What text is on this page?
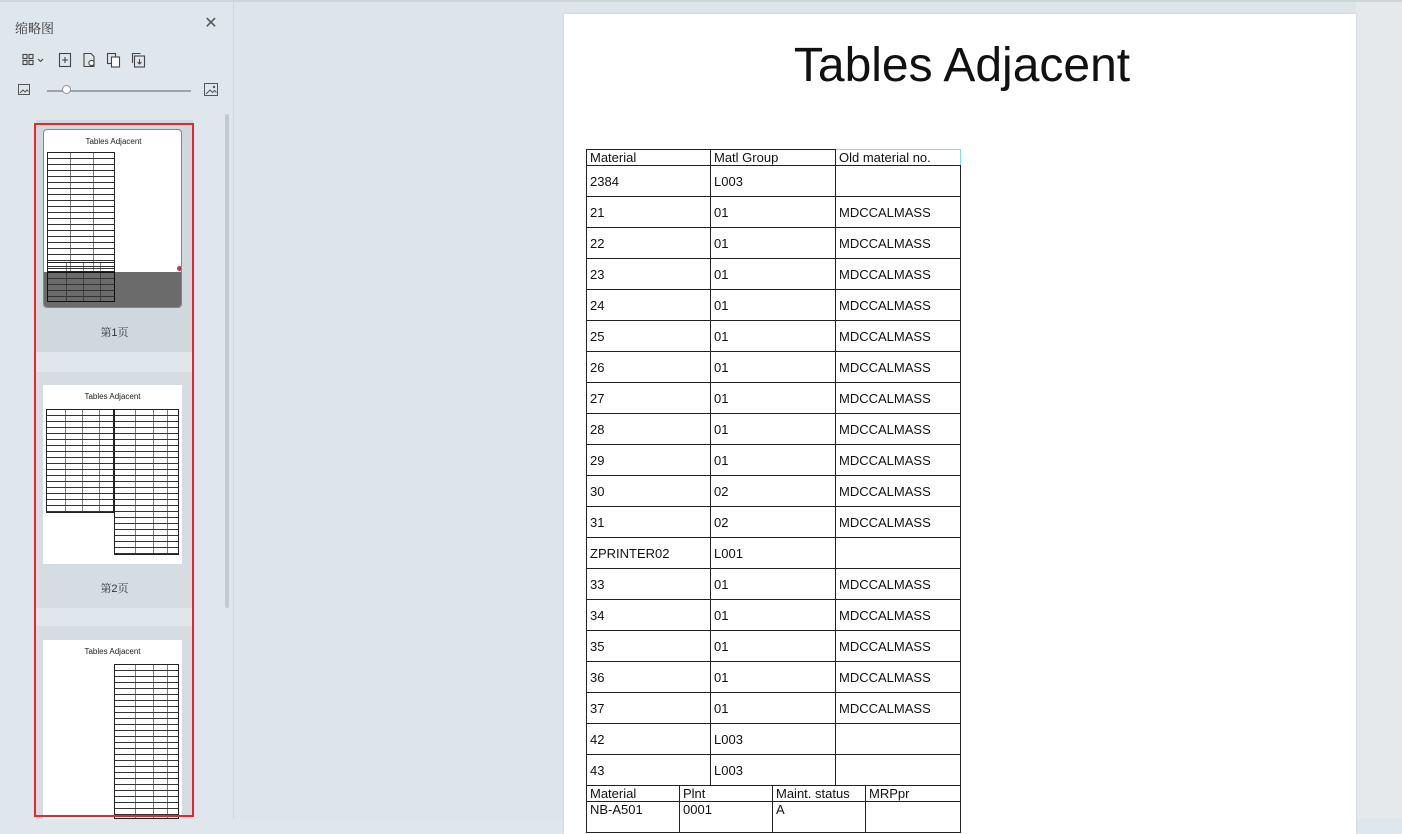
缩略图	✕
Tables Adjacent
第1页
Tables Adjacent
第2页
Tables Adjacent
Tables Adjacent
Material	Matl Group	Old material no.
2384	L003	
21	01	MDCCALMASS
22	01	MDCCALMASS
23	01	MDCCALMASS
24	01	MDCCALMASS
25	01	MDCCALMASS
26	01	MDCCALMASS
27	01	MDCCALMASS
28	01	MDCCALMASS
29	01	MDCCALMASS
30	02	MDCCALMASS
31	02	MDCCALMASS
ZPRINTER02	L001	
33	01	MDCCALMASS
34	01	MDCCALMASS
35	01	MDCCALMASS
36	01	MDCCALMASS
37	01	MDCCALMASS
42	L003	
43	L003	
Material	Plnt	Maint. status	MRPpr
NB-A501	0001	A	
